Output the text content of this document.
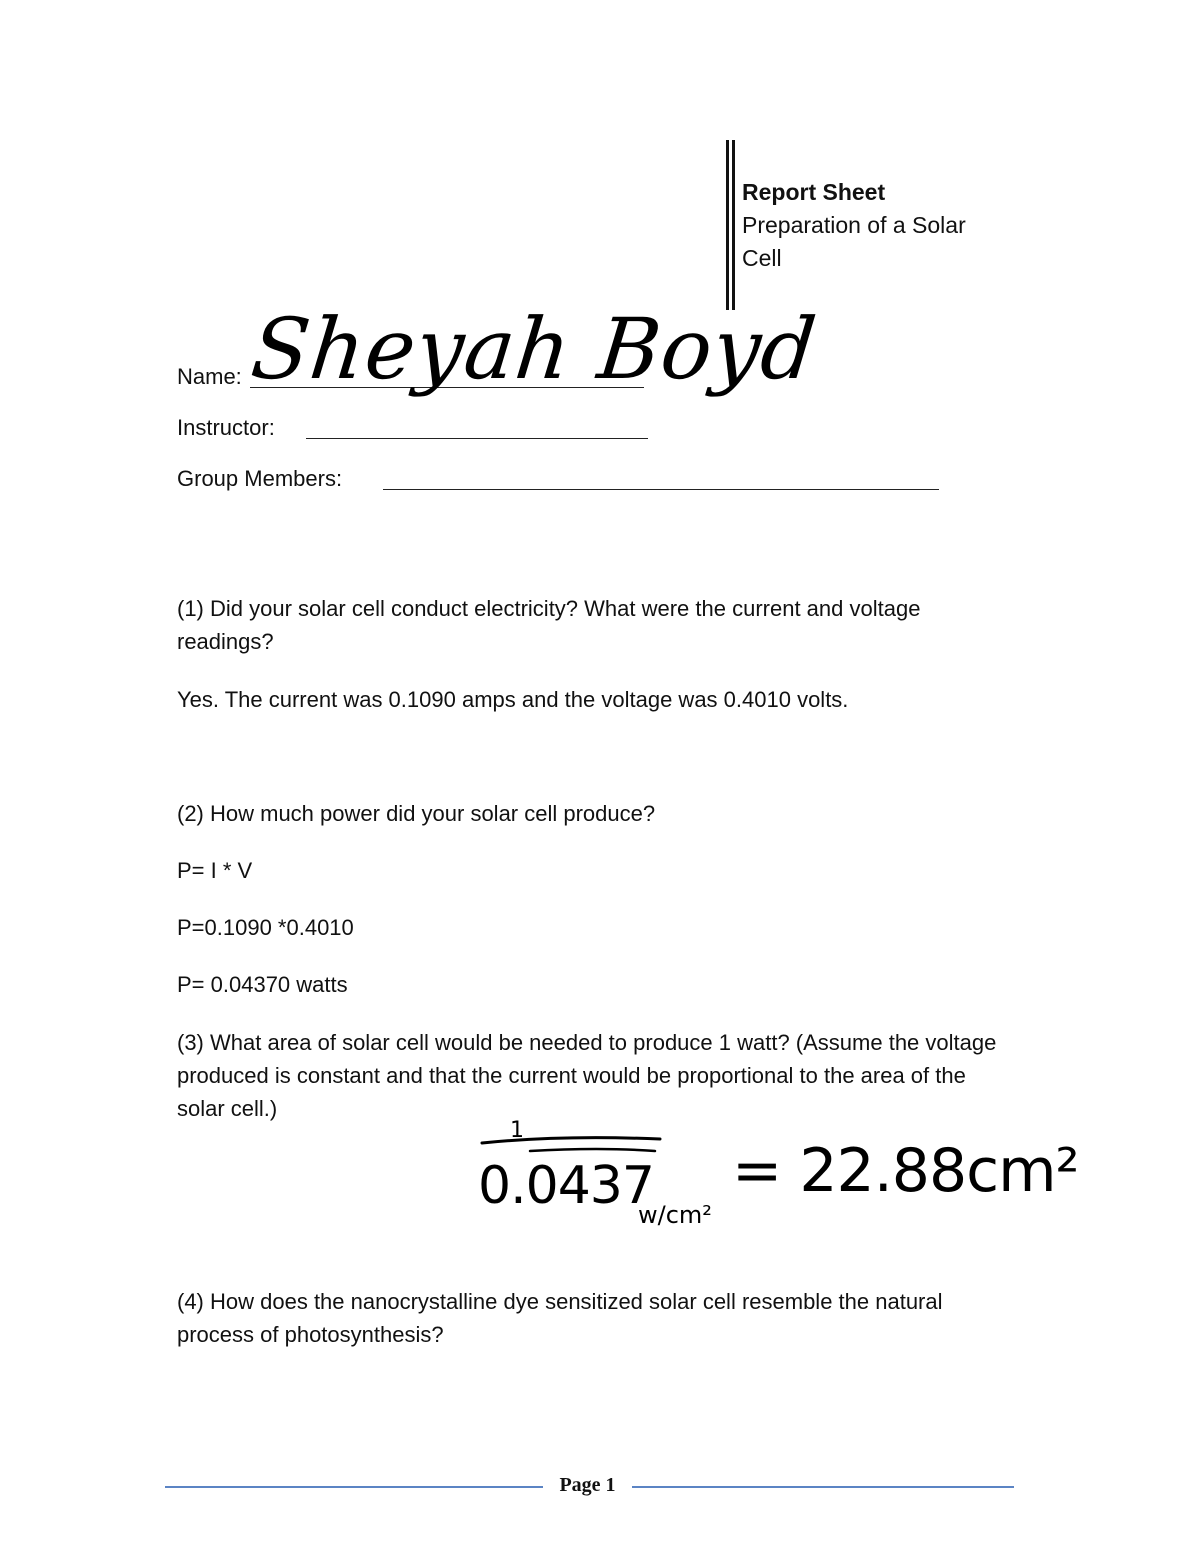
Report Sheet
Preparation of a Solar Cell
Name: Sheyah Boyd
Instructor:
Group Members:
(1) Did your solar cell conduct electricity? What were the current and voltage readings?
Yes. The current was 0.1090 amps and the voltage was 0.4010 volts.
(2) How much power did your solar cell produce?
P= I * V
P=0.1090 *0.4010
P= 0.04370 watts
(3) What area of solar cell would be needed to produce 1 watt? (Assume the voltage produced is constant and that the current would be proportional to the area of the solar cell.)
1
0.0437
w/cm²
= 22.88cm²
(4) How does the nanocrystalline dye sensitized solar cell resemble the natural process of photosynthesis?
Page 1
